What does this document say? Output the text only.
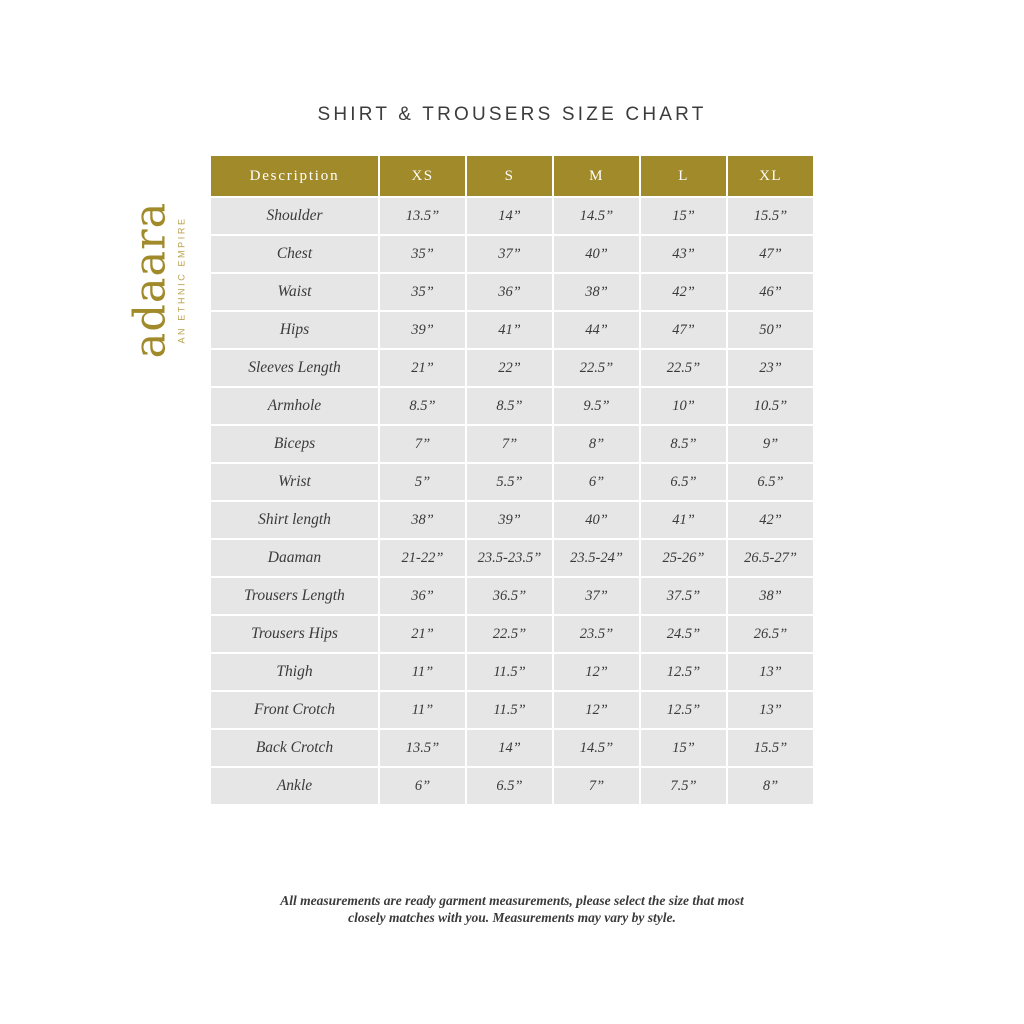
SHIRT & TROUSERS SIZE CHART
adaara AN ETHNIC EMPIRE
Description	XS	S	M	L	XL
Shoulder	13.5”	14”	14.5”	15”	15.5”
Chest	35”	37”	40”	43”	47”
Waist	35”	36”	38”	42”	46”
Hips	39”	41”	44”	47”	50”
Sleeves Length	21”	22”	22.5”	22.5”	23”
Armhole	8.5”	8.5”	9.5”	10”	10.5”
Biceps	7”	7”	8”	8.5”	9”
Wrist	5”	5.5”	6”	6.5”	6.5”
Shirt length	38”	39”	40”	41”	42”
Daaman	21-22”	23.5-23.5”	23.5-24”	25-26”	26.5-27”
Trousers Length	36”	36.5”	37”	37.5”	38”
Trousers Hips	21”	22.5”	23.5”	24.5”	26.5”
Thigh	11”	11.5”	12”	12.5”	13”
Front Crotch	11”	11.5”	12”	12.5”	13”
Back Crotch	13.5”	14”	14.5”	15”	15.5”
Ankle	6”	6.5”	7”	7.5”	8”
All measurements are ready garment measurements, please select the size that most
closely matches with you. Measurements may vary by style.
